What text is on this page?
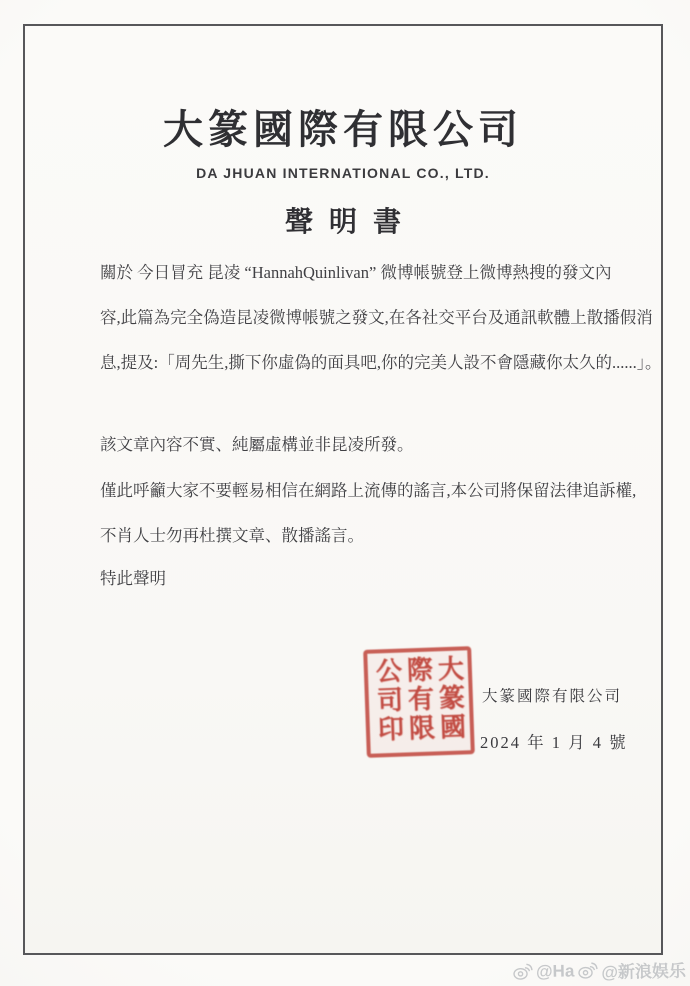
大篆國際有限公司
DA JHUAN INTERNATIONAL CO., LTD.
聲明書
關於 今日冒充 昆凌 “HannahQuinlivan” 微博帳號登上微博熱搜的發文內
容,此篇為完全偽造昆凌微博帳號之發文,在各社交平台及通訊軟體上散播假消
息,提及:「周先生,撕下你虛偽的面具吧,你的完美人設不會隱藏你太久的......」。
該文章內容不實、純屬虛構並非昆凌所發。
僅此呼籲大家不要輕易相信在網路上流傳的謠言,本公司將保留法律追訴權,
不肖人士勿再杜撰文章、散播謠言。
特此聲明
大篆國際有限公司印	大篆國際有限公司
2024 年 1 月 4 號
@Ha @新浪娱乐
